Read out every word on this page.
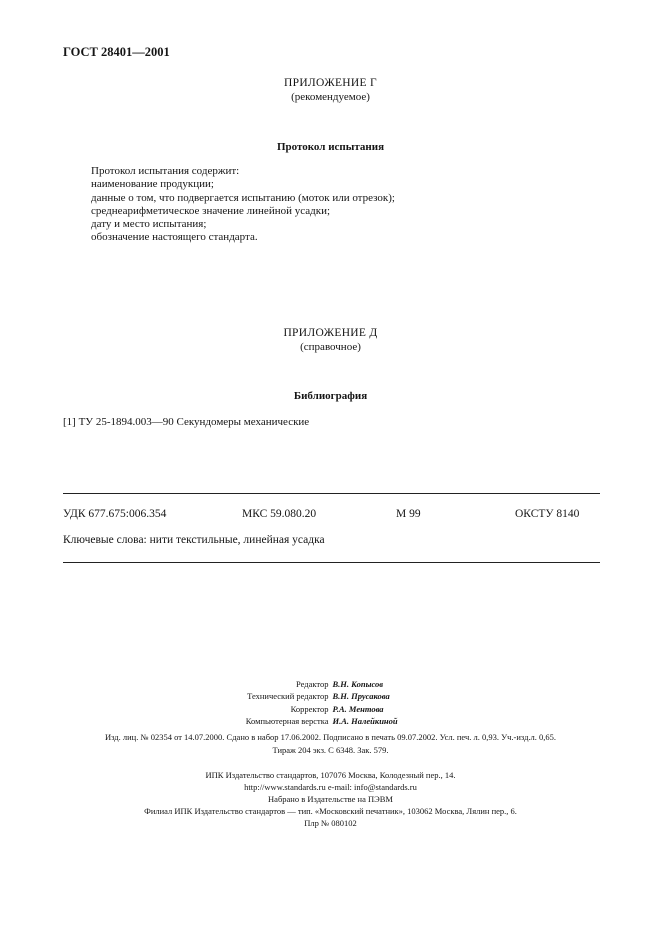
ГОСТ 28401—2001
ПРИЛОЖЕНИЕ Г
(рекомендуемое)
Протокол испытания
Протокол испытания содержит:
наименование продукции;
данные о том, что подвергается испытанию (моток или отрезок);
среднеарифметическое значение линейной усадки;
дату и место испытания;
обозначение настоящего стандарта.
ПРИЛОЖЕНИЕ Д
(справочное)
Библиография
[1] ТУ 25-1894.003—90 Секундомеры механические
УДК 677.675:006.354	МКС 59.080.20	М 99	ОКСТУ 8140
Ключевые слова: нити текстильные, линейная усадка
Редактор В.Н. Копысов
Технический редактор В.Н. Прусакова
Корректор Р.А. Ментова
Компьютерная верстка И.А. Налейкиной
Изд. лиц. № 02354 от 14.07.2000. Сдано в набор 17.06.2002. Подписано в печать 09.07.2002. Усл. печ. л. 0,93. Уч.-изд.л. 0,65.
Тираж 204 экз. С 6348. Зак. 579.
ИПК Издательство стандартов, 107076 Москва, Колодезный пер., 14.
http://www.standards.ru e-mail: info@standards.ru
Набрано в Издательстве на ПЭВМ
Филиал ИПК Издательство стандартов — тип. «Московский печатник», 103062 Москва, Лялин пер., 6.
Плр № 080102
